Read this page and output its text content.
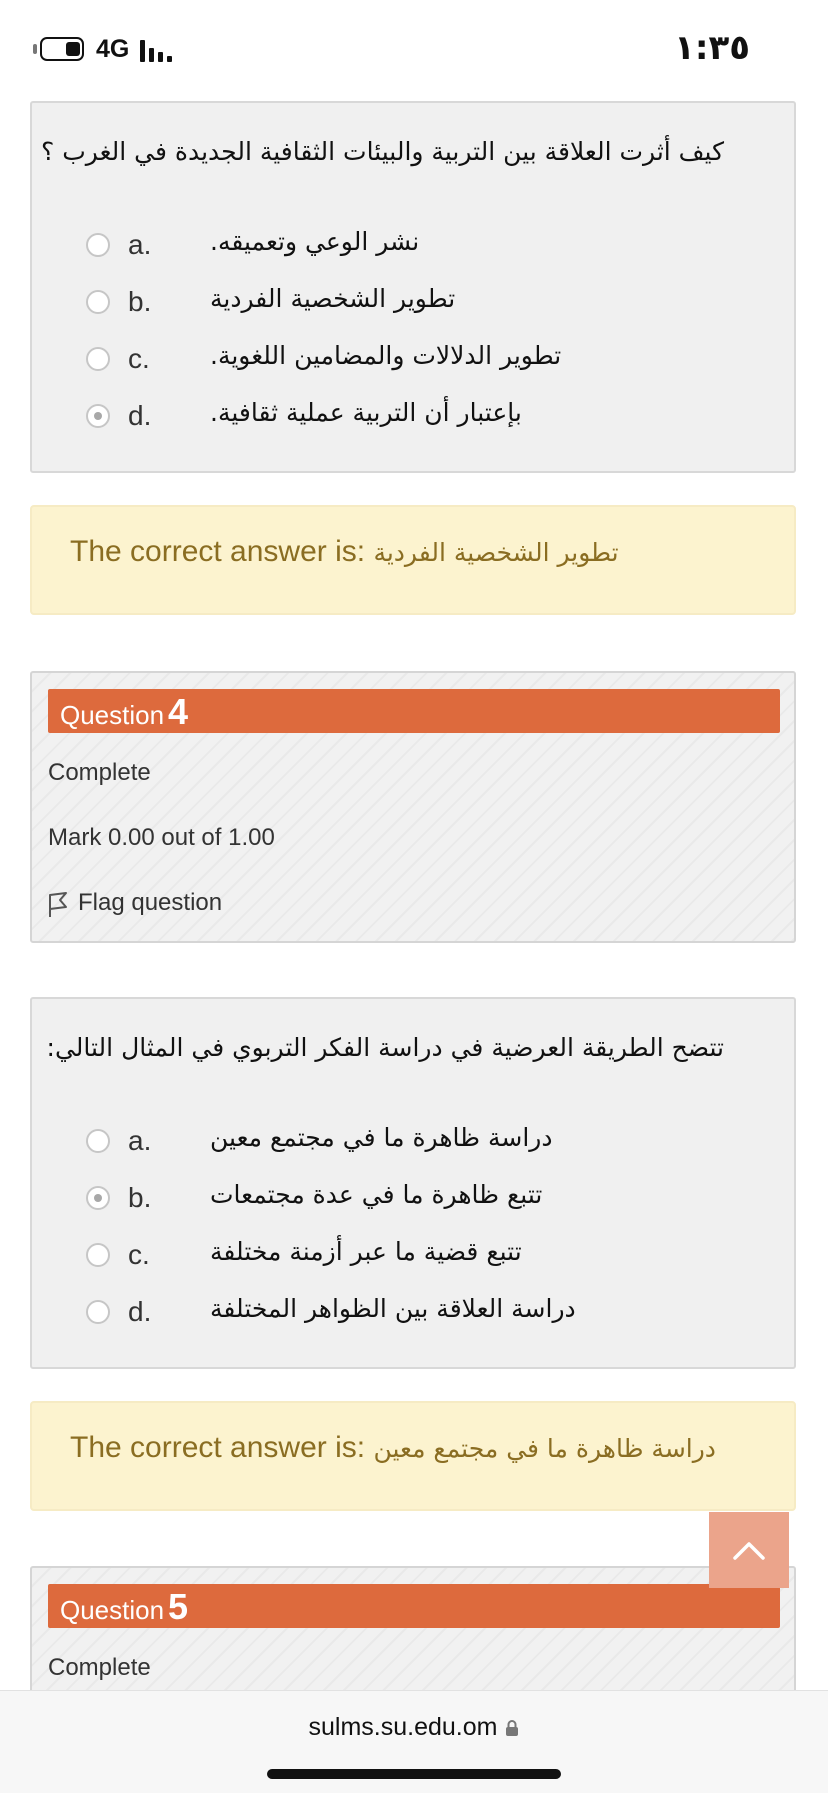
4G	١:٣٥
كيف أثرت العلاقة بين التربية والبيئات الثقافية الجديدة في الغرب ؟
a. نشر الوعي وتعميقه.
b. تطوير الشخصية الفردية
c. تطوير الدلالات والمضامين اللغوية.
d. بإعتبار أن التربية عملية ثقافية.
The correct answer is: تطوير الشخصية الفردية
Question 4
Complete
Mark 0.00 out of 1.00
Flag question
تتضح الطريقة العرضية في دراسة الفكر التربوي في المثال التالي:
a. دراسة ظاهرة ما في مجتمع معين
b. تتبع ظاهرة ما في عدة مجتمعات
c. تتبع قضية ما عبر أزمنة مختلفة
d. دراسة العلاقة بين الظواهر المختلفة
The correct answer is: دراسة ظاهرة ما في مجتمع معين
Question 5
Complete
sulms.su.edu.om
